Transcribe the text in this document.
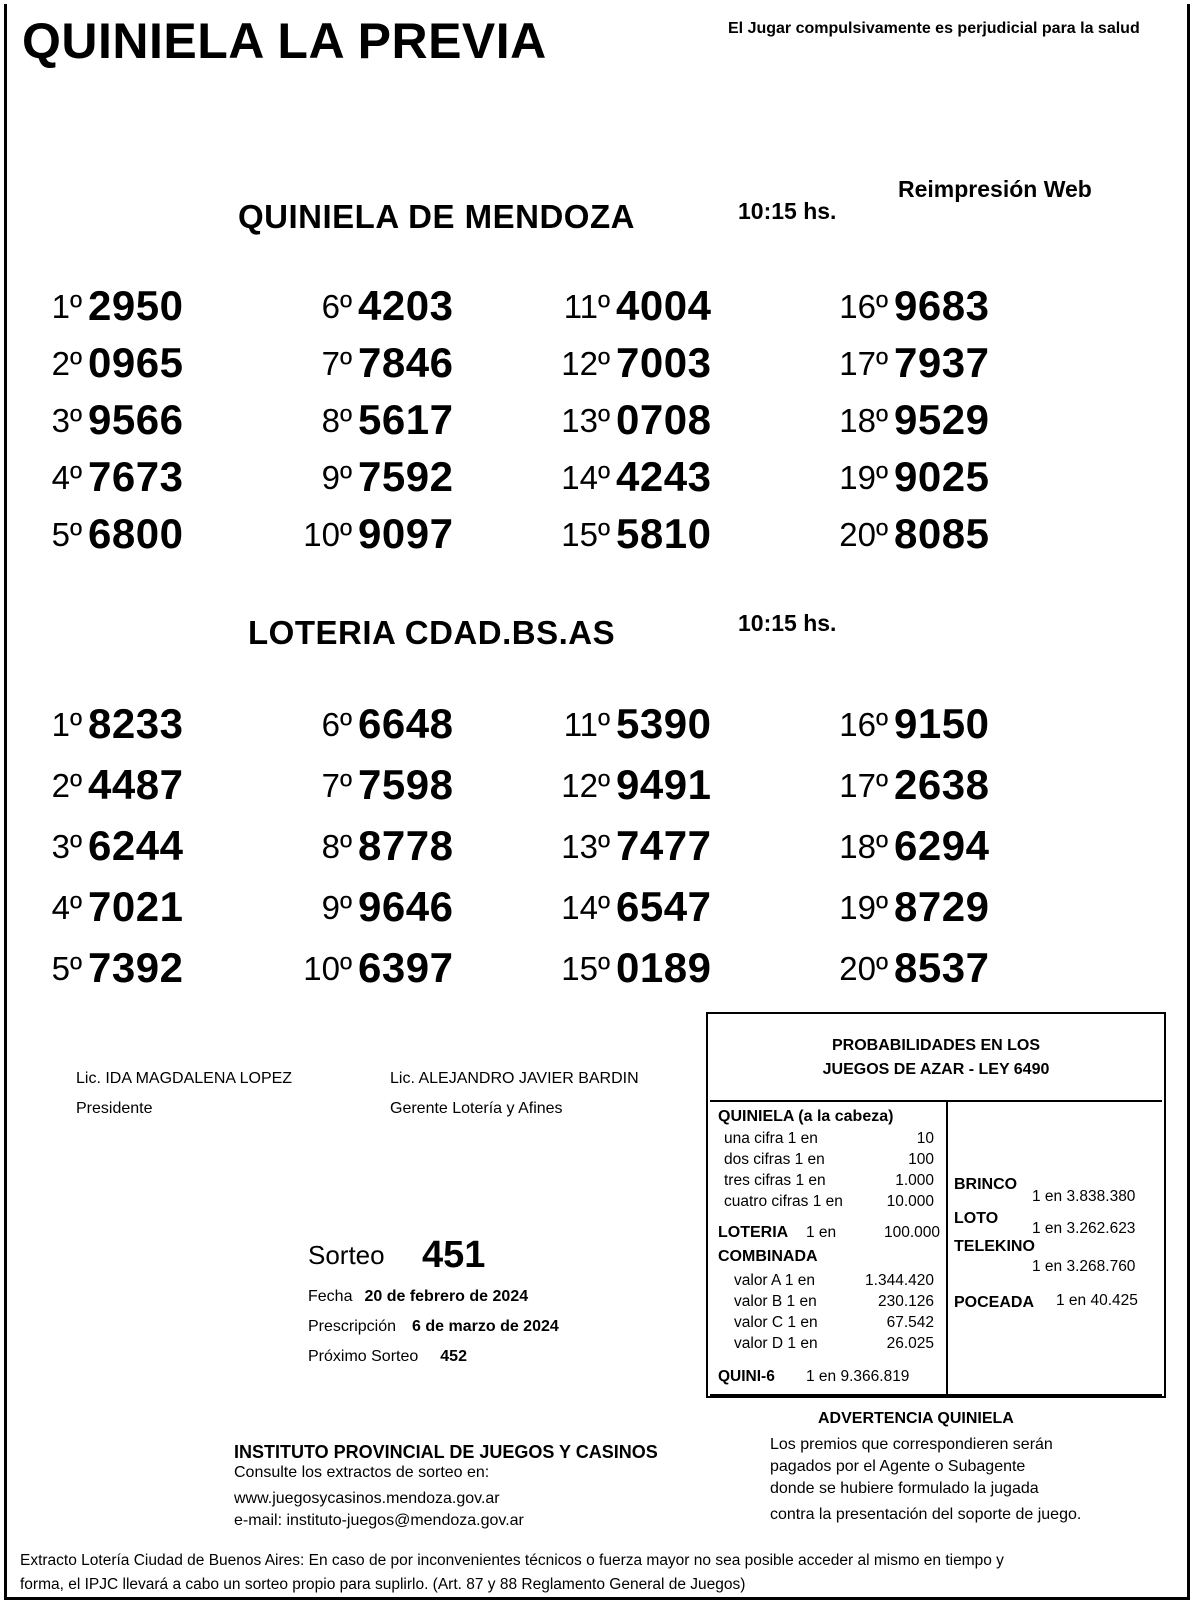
QUINIELA LA PREVIA	El Jugar compulsivamente es perjudicial para la salud
Reimpresión Web
QUINIELA DE MENDOZA	10:15 hs.
1º 2950
2º 0965
3º 9566
4º 7673
5º 6800
6º 4203
7º 7846
8º 5617
9º 7592
10º 9097
11º 4004
12º 7003
13º 0708
14º 4243
15º 5810
16º 9683
17º 7937
18º 9529
19º 9025
20º 8085
LOTERIA CDAD.BS.AS	10:15 hs.
1º 8233
2º 4487
3º 6244
4º 7021
5º 7392
6º 6648
7º 7598
8º 8778
9º 9646
10º 6397
11º 5390
12º 9491
13º 7477
14º 6547
15º 0189
16º 9150
17º 2638
18º 6294
19º 8729
20º 8537
Lic. IDA MAGDALENA LOPEZ
Presidente
Lic. ALEJANDRO JAVIER BARDIN
Gerente Lotería y Afines
Sorteo 451
Fecha 20 de febrero de 2024
Prescripción 6 de marzo de 2024
Próximo Sorteo 452
PROBABILIDADES EN LOS
JUEGOS DE AZAR - LEY 6490
QUINIELA (a la cabeza)
una cifra 1 en	10
dos cifras 1 en	100
tres cifras 1 en	1.000
cuatro cifras 1 en	10.000
LOTERIA 1 en	100.000
COMBINADA
valor A 1 en	1.344.420
valor B 1 en	230.126
valor C 1 en	67.542
valor D 1 en	26.025
QUINI-6 1 en 9.366.819
BRINCO
1 en 3.838.380
LOTO
1 en 3.262.623
TELEKINO
1 en 3.268.760
POCEADA 1 en 40.425
ADVERTENCIA QUINIELA
Los premios que correspondieren serán
pagados por el Agente o Subagente
donde se hubiere formulado la jugada
contra la presentación del soporte de juego.
INSTITUTO PROVINCIAL DE JUEGOS Y CASINOS
Consulte los extractos de sorteo en:
www.juegosycasinos.mendoza.gov.ar
e-mail: instituto-juegos@mendoza.gov.ar
Extracto Lotería Ciudad de Buenos Aires: En caso de por inconvenientes técnicos o fuerza mayor no sea posible acceder al mismo en tiempo y
forma, el IPJC llevará a cabo un sorteo propio para suplirlo. (Art. 87 y 88 Reglamento General de Juegos)
